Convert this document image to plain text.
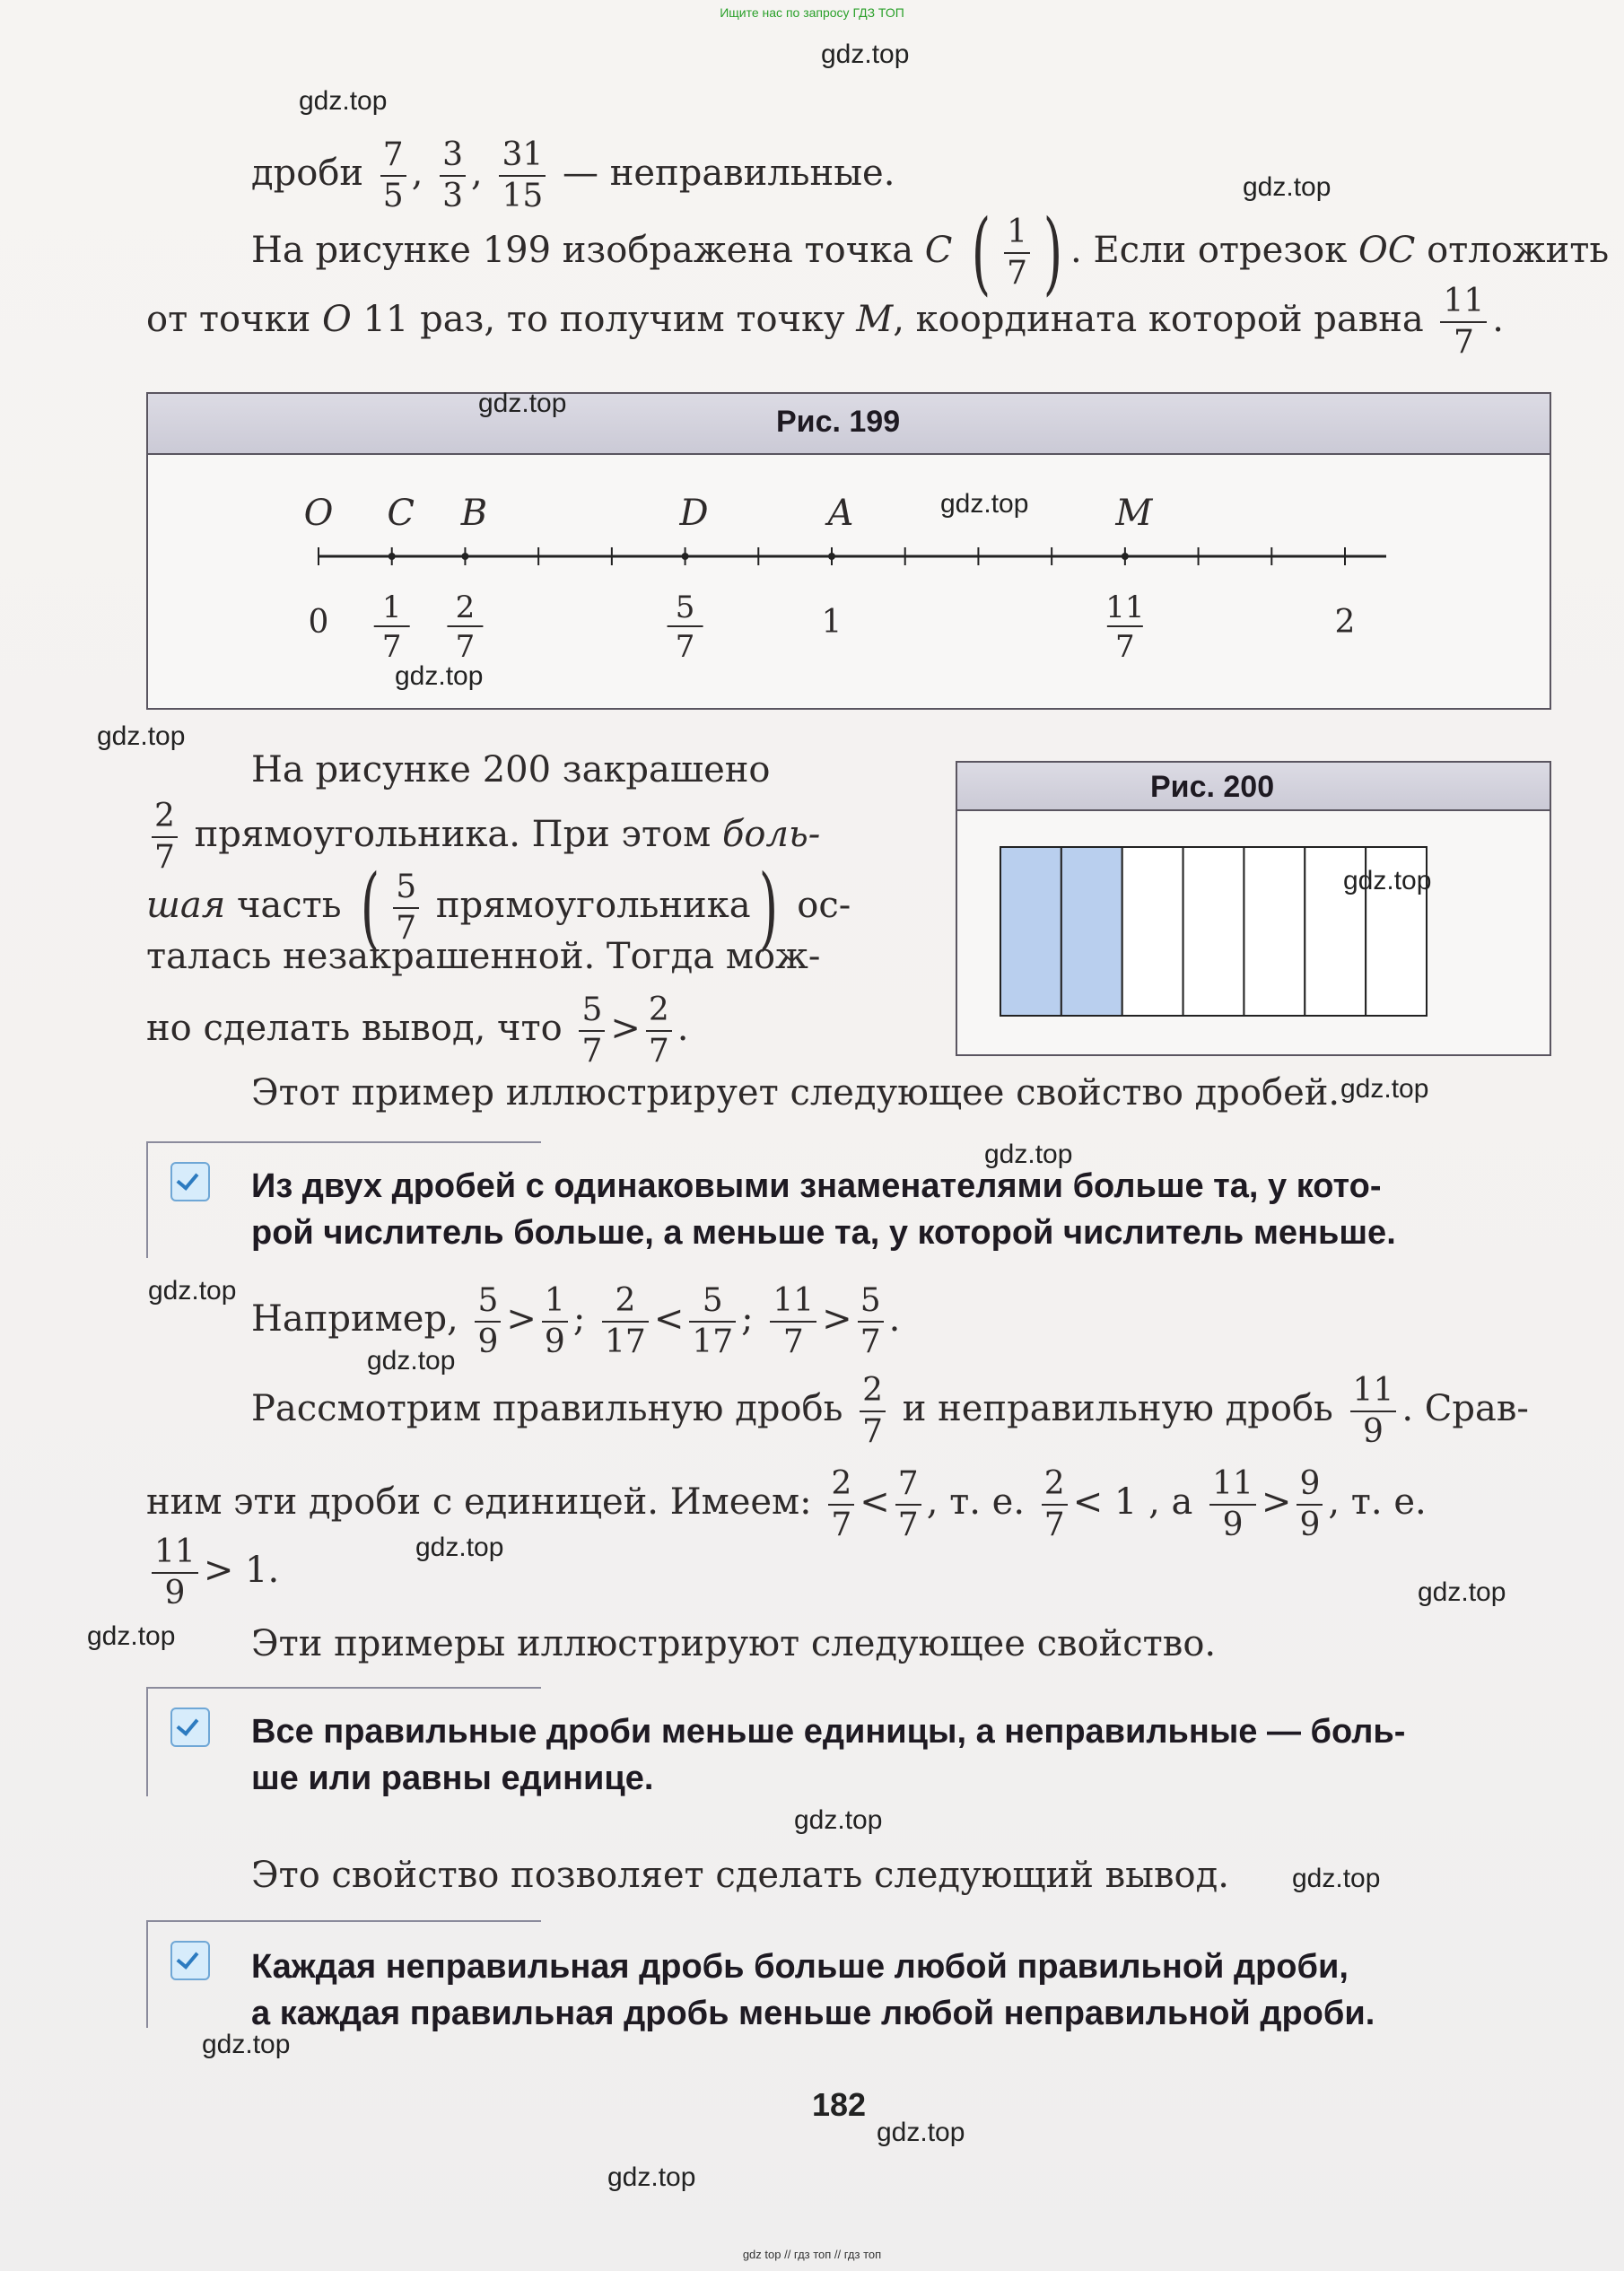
Ищите нас по запросу ГДЗ ТОП
дроби $\frac{7}{5}$ , $\frac{3}{3}$ , $\frac{31}{15}$ — неправильные.
На рисунке 199 изображена точка C ( $\frac{1}{7}$ ) . Если отрезок OC отложить
от точки O 11 раз, то получим точку M, координата которой равна $\frac{11}{7}$ .
Рис. 199
O C B	D	A	M
0 1
7
2
7
5
7
1	11
7
2
На рисунке 200 закрашено
$\frac{2}{7}$ прямоугольника. При этом боль-
шая часть ( $\frac{5}{7}$ прямоугольника) ос-
талась незакрашенной. Тогда мож-
но сделать вывод, что $\frac{5}{7} > \frac{2}{7}$ .
Рис. 200
Этот пример иллюстрирует следующее свойство дробей.
Из двух дробей с одинаковыми знаменателями больше та, у кото-
рой числитель больше, а меньше та, у которой числитель меньше.
Например, $\frac{5}{9} > \frac{1}{9}$ ; $\frac{2}{17} < \frac{5}{17}$ ; $\frac{11}{7} > \frac{5}{7}$ .
Рассмотрим правильную дробь $\frac{2}{7}$ и неправильную дробь $\frac{11}{9}$ . Срав-
ним эти дроби с единицей. Имеем: $\frac{2}{7} < \frac{7}{7}$ , т. е. $\frac{2}{7} < 1$ , а $\frac{11}{9} > \frac{9}{9}$ , т. е.
$\frac{11}{9} > 1$.
Эти примеры иллюстрируют следующее свойство.
Все правильные дроби меньше единицы, а неправильные — боль-
ше или равны единице.
Это свойство позволяет сделать следующий вывод.
Каждая неправильная дробь больше любой правильной дроби,
а каждая правильная дробь меньше любой неправильной дроби.
182
gdz.top
gdz.top
gdz.top
gdz.top
gdz.top
gdz.top
gdz.top
gdz.top
gdz.top
gdz.top
gdz.top
gdz.top
gdz.top
gdz.top
gdz.top
gdz.top
gdz.top
gdz.top
gdz.top
gdz.top
gdz top // гдз топ // гдз топ
